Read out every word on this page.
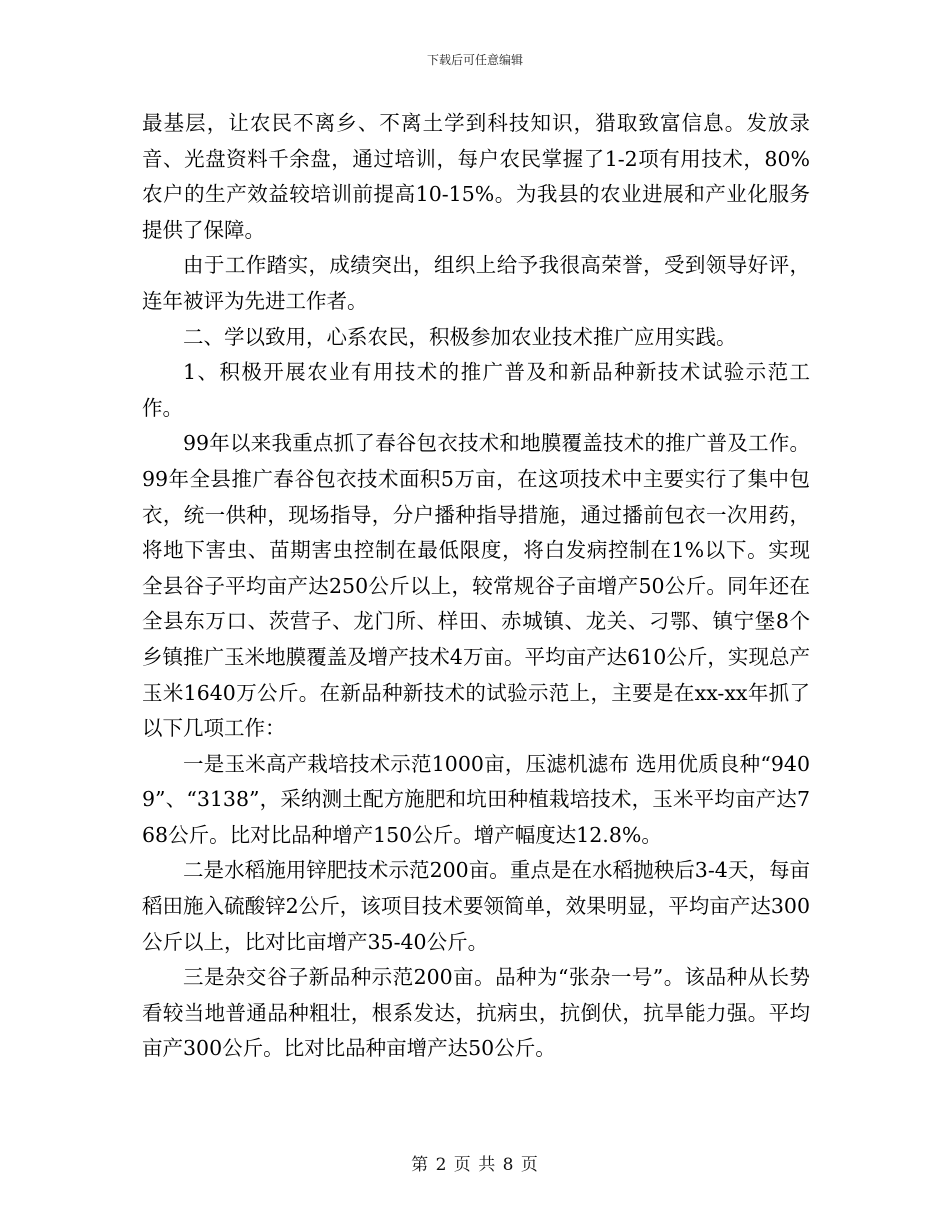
下载后可任意编辑

最基层，让农民不离乡、不离土学到科技知识，猎取致富信息。发放录音、光盘资料千余盘，通过培训，每户农民掌握了1-2项有用技术，80%农户的生产效益较培训前提高10-15%。为我县的农业进展和产业化服务提供了保障。

由于工作踏实，成绩突出，组织上给予我很高荣誉，受到领导好评，连年被评为先进工作者。

二、学以致用，心系农民，积极参加农业技术推广应用实践。

1、积极开展农业有用技术的推广普及和新品种新技术试验示范工作。

99年以来我重点抓了春谷包衣技术和地膜覆盖技术的推广普及工作。99年全县推广春谷包衣技术面积5万亩，在这项技术中主要实行了集中包衣，统一供种，现场指导，分户播种指导措施，通过播前包衣一次用药，将地下害虫、苗期害虫控制在最低限度，将白发病控制在1%以下。实现全县谷子平均亩产达250公斤以上，较常规谷子亩增产50公斤。同年还在全县东万口、茨营子、龙门所、样田、赤城镇、龙关、刁鄂、镇宁堡8个乡镇推广玉米地膜覆盖及增产技术4万亩。平均亩产达610公斤，实现总产玉米1640万公斤。在新品种新技术的试验示范上，主要是在xx-xx年抓了以下几项工作：

一是玉米高产栽培技术示范1000亩，压滤机滤布 选用优质良种“9409”、“3138”，采纳测土配方施肥和坑田种植栽培技术，玉米平均亩产达768公斤。比对比品种增产150公斤。增产幅度达12.8%。

二是水稻施用锌肥技术示范200亩。重点是在水稻抛秧后3-4天，每亩稻田施入硫酸锌2公斤，该项目技术要领简单，效果明显，平均亩产达300公斤以上，比对比亩增产35-40公斤。

三是杂交谷子新品种示范200亩。品种为“张杂一号”。该品种从长势看较当地普通品种粗壮，根系发达，抗病虫，抗倒伏，抗旱能力强。平均亩产300公斤。比对比品种亩增产达50公斤。

第 2 页 共 8 页
